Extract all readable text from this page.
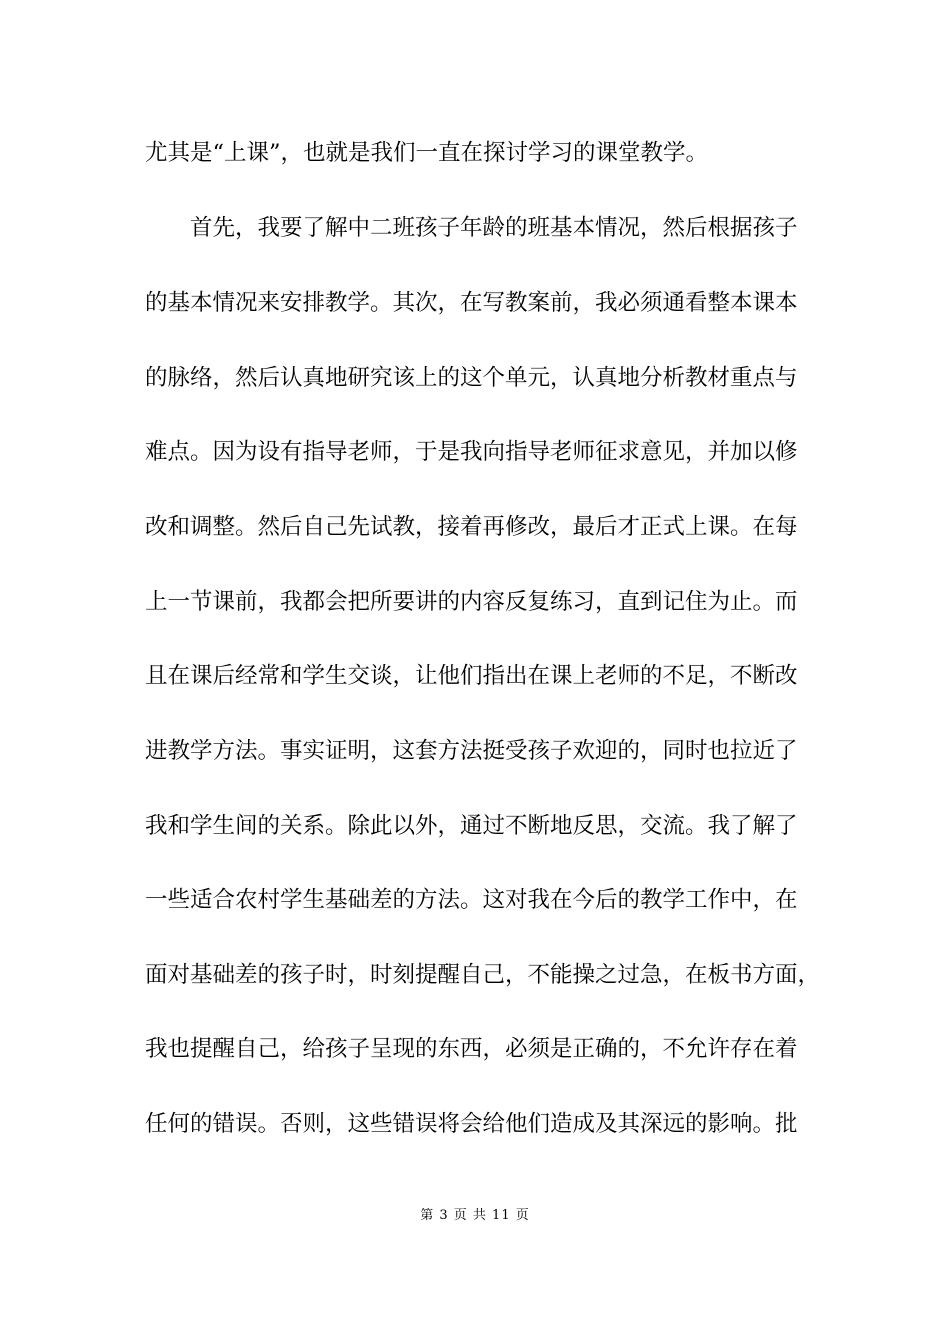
尤其是“上课”，也就是我们一直在探讨学习的课堂教学。
首先，我要了解中二班孩子年龄的班基本情况，然后根据孩子
的基本情况来安排教学。其次，在写教案前，我必须通看整本课本
的脉络，然后认真地研究该上的这个单元，认真地分析教材重点与
难点。因为设有指导老师，于是我向指导老师征求意见，并加以修
改和调整。然后自己先试教，接着再修改，最后才正式上课。在每
上一节课前，我都会把所要讲的内容反复练习，直到记住为止。而
且在课后经常和学生交谈，让他们指出在课上老师的不足，不断改
进教学方法。事实证明，这套方法挺受孩子欢迎的，同时也拉近了
我和学生间的关系。除此以外，通过不断地反思，交流。我了解了
一些适合农村学生基础差的方法。这对我在今后的教学工作中，在
面对基础差的孩子时，时刻提醒自己，不能操之过急，在板书方面，
我也提醒自己，给孩子呈现的东西，必须是正确的，不允许存在着
任何的错误。否则，这些错误将会给他们造成及其深远的影响。批
第 3 页 共 11 页
